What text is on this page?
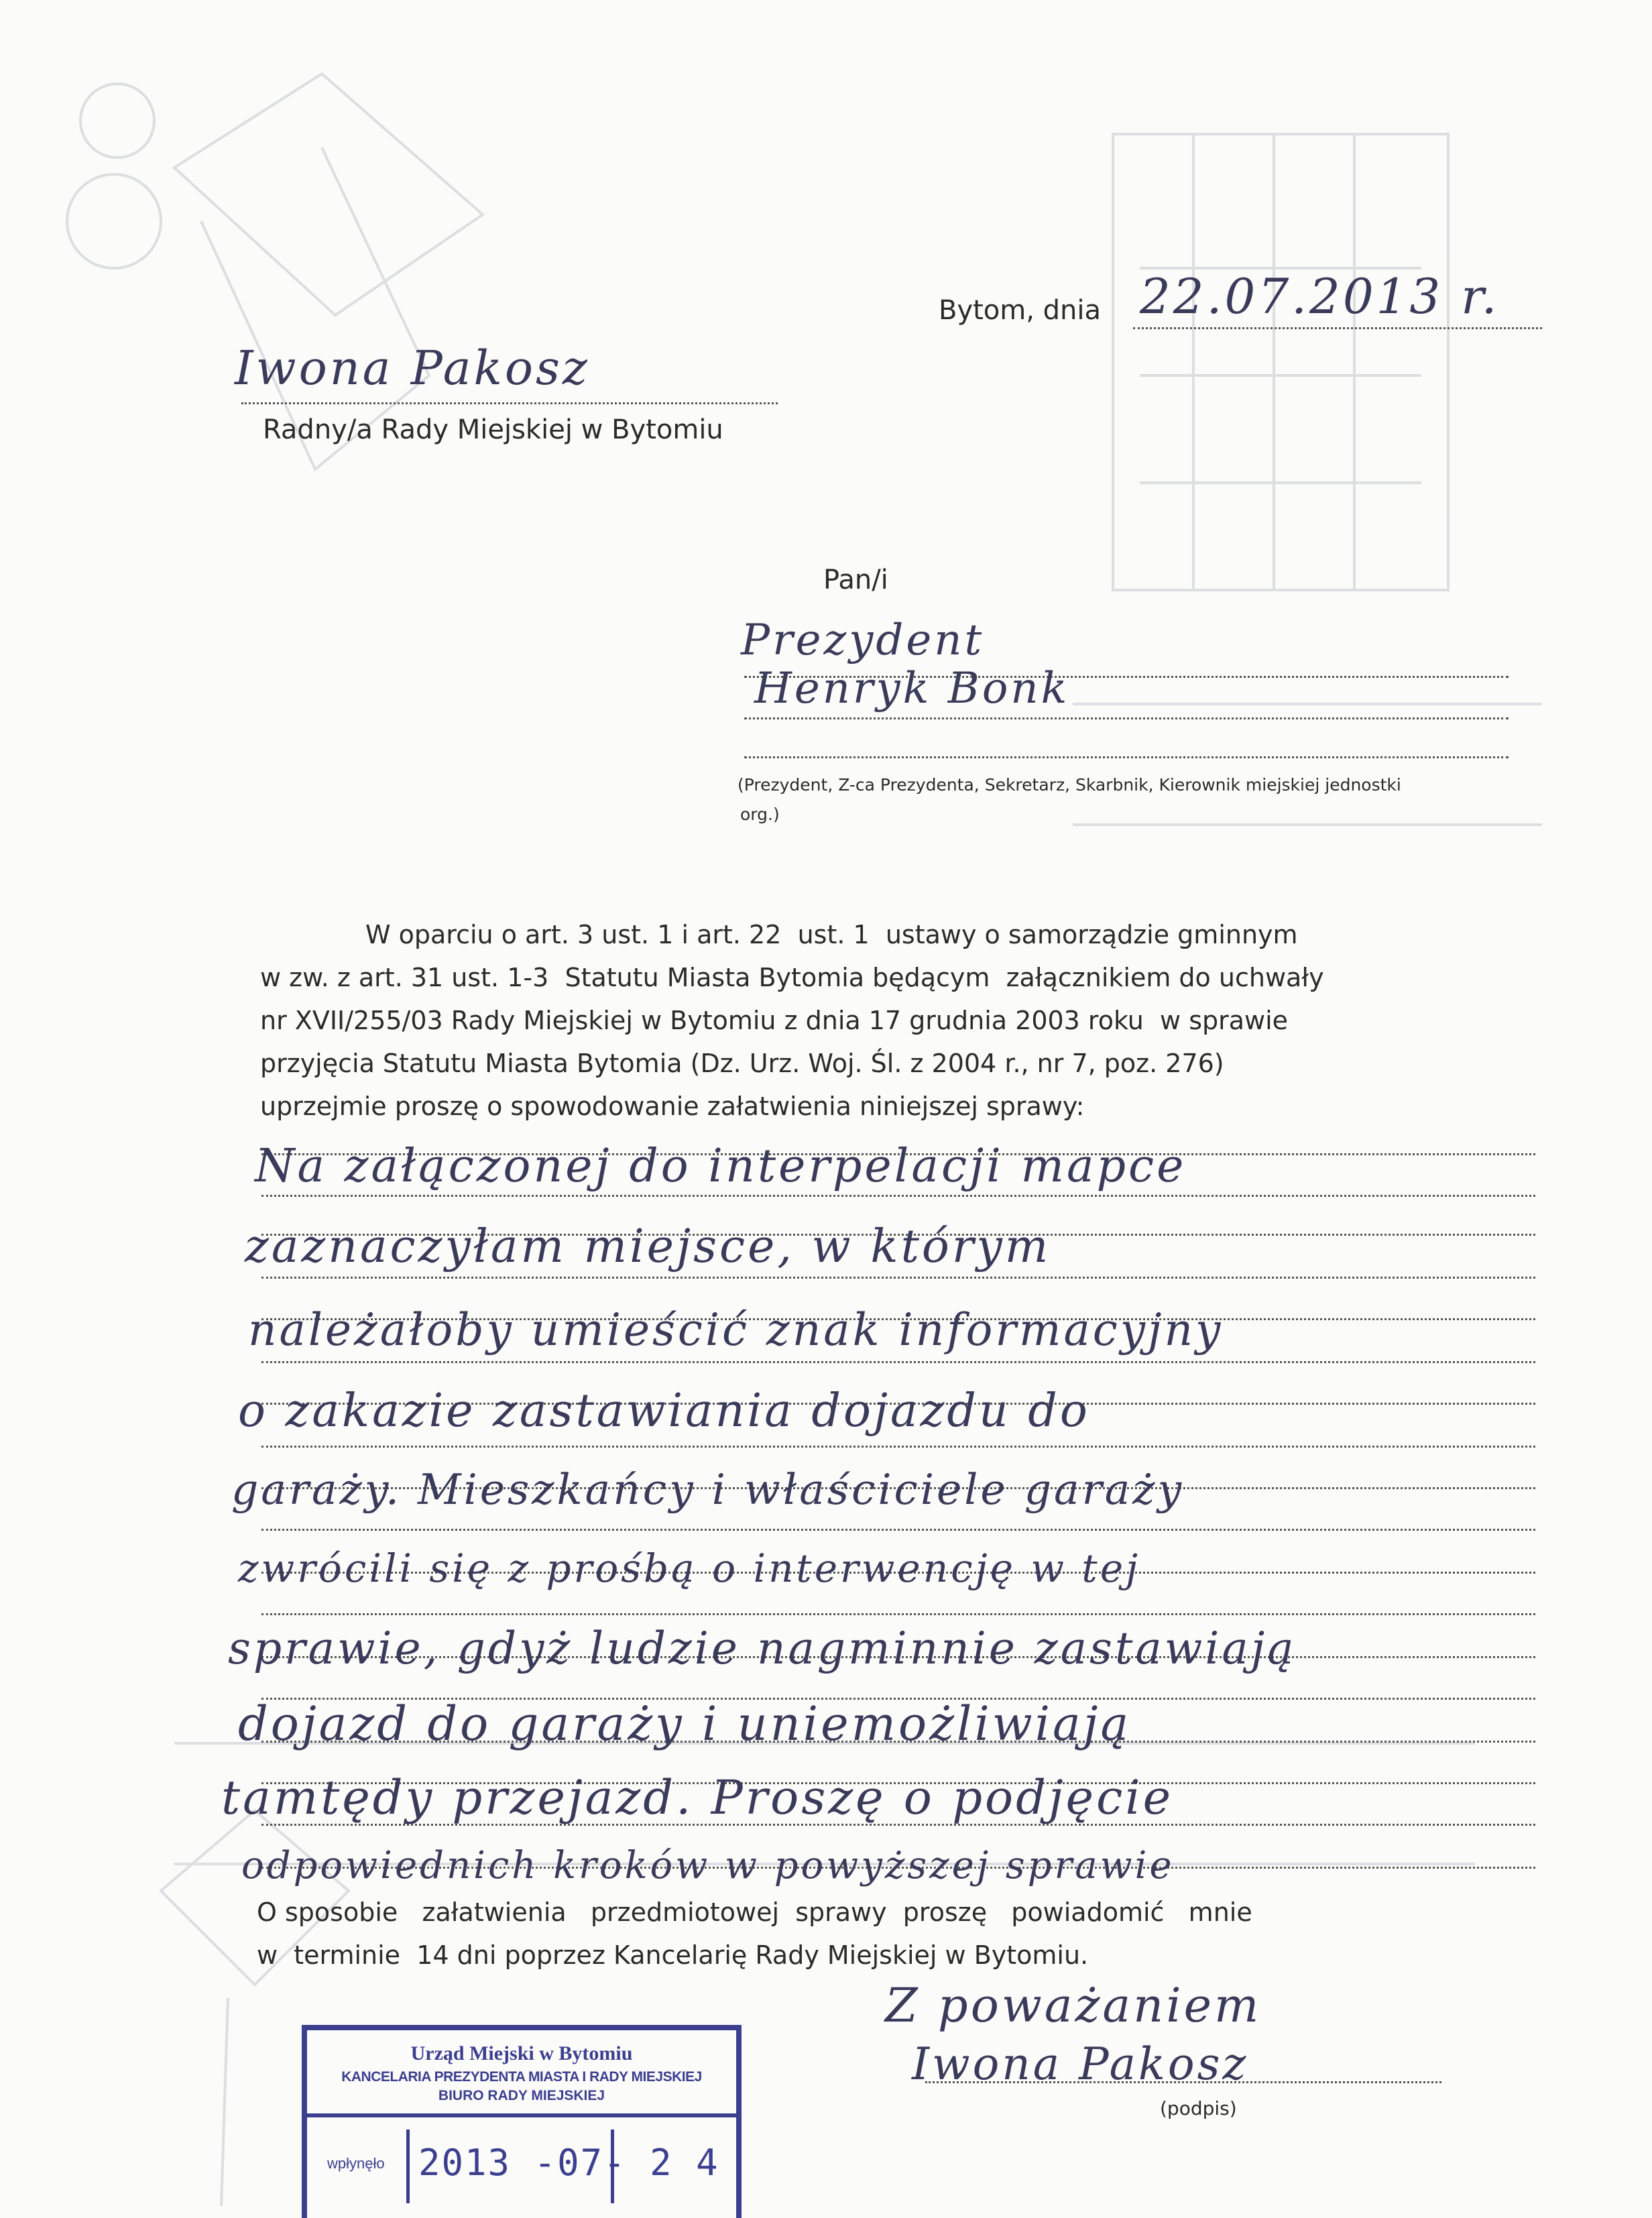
Bytom, dnia 22.07.2013 r.
Iwona Pakosz
Radny/a Rady Miejskiej w Bytomiu
Pan/i
Prezydent
Henryk Bonk
(Prezydent, Z-ca Prezydenta, Sekretarz, Skarbnik, Kierownik miejskiej jednostki
org.)
W oparciu o art. 3 ust. 1 i art. 22  ust. 1  ustawy o samorządzie gminnym
w zw. z art. 31 ust. 1-3  Statutu Miasta Bytomia będącym  załącznikiem do uchwały
nr XVII/255/03 Rady Miejskiej w Bytomiu z dnia 17 grudnia 2003 roku  w sprawie
przyjęcia Statutu Miasta Bytomia (Dz. Urz. Woj. Śl. z 2004 r., nr 7, poz. 276)
uprzejmie proszę o spowodowanie załatwienia niniejszej sprawy:
Na załączonej do interpelacji mapce
zaznaczyłam miejsce, w którym
należałoby umieścić znak informacyjny
o zakazie zastawiania dojazdu do
garaży. Mieszkańcy i właściciele garaży
zwrócili się z prośbą o interwencję w tej
sprawie, gdyż ludzie nagminnie zastawiają
dojazd do garaży i uniemożliwiają
tamtędy przejazd. Proszę o podjęcie
odpowiednich kroków w powyższej sprawie
O sposobie   załatwienia   przedmiotowej  sprawy  proszę   powiadomić   mnie
w  terminie  14 dni poprzez Kancelarię Rady Miejskiej w Bytomiu.
Z poważaniem
Iwona Pakosz
(podpis)
Urząd Miejski w Bytomiu
KANCELARIA PREZYDENTA MIASTA I RADY MIEJSKIEJ
BIURO RADY MIEJSKIEJ
wpłynęło 2013 -07- 2 4
